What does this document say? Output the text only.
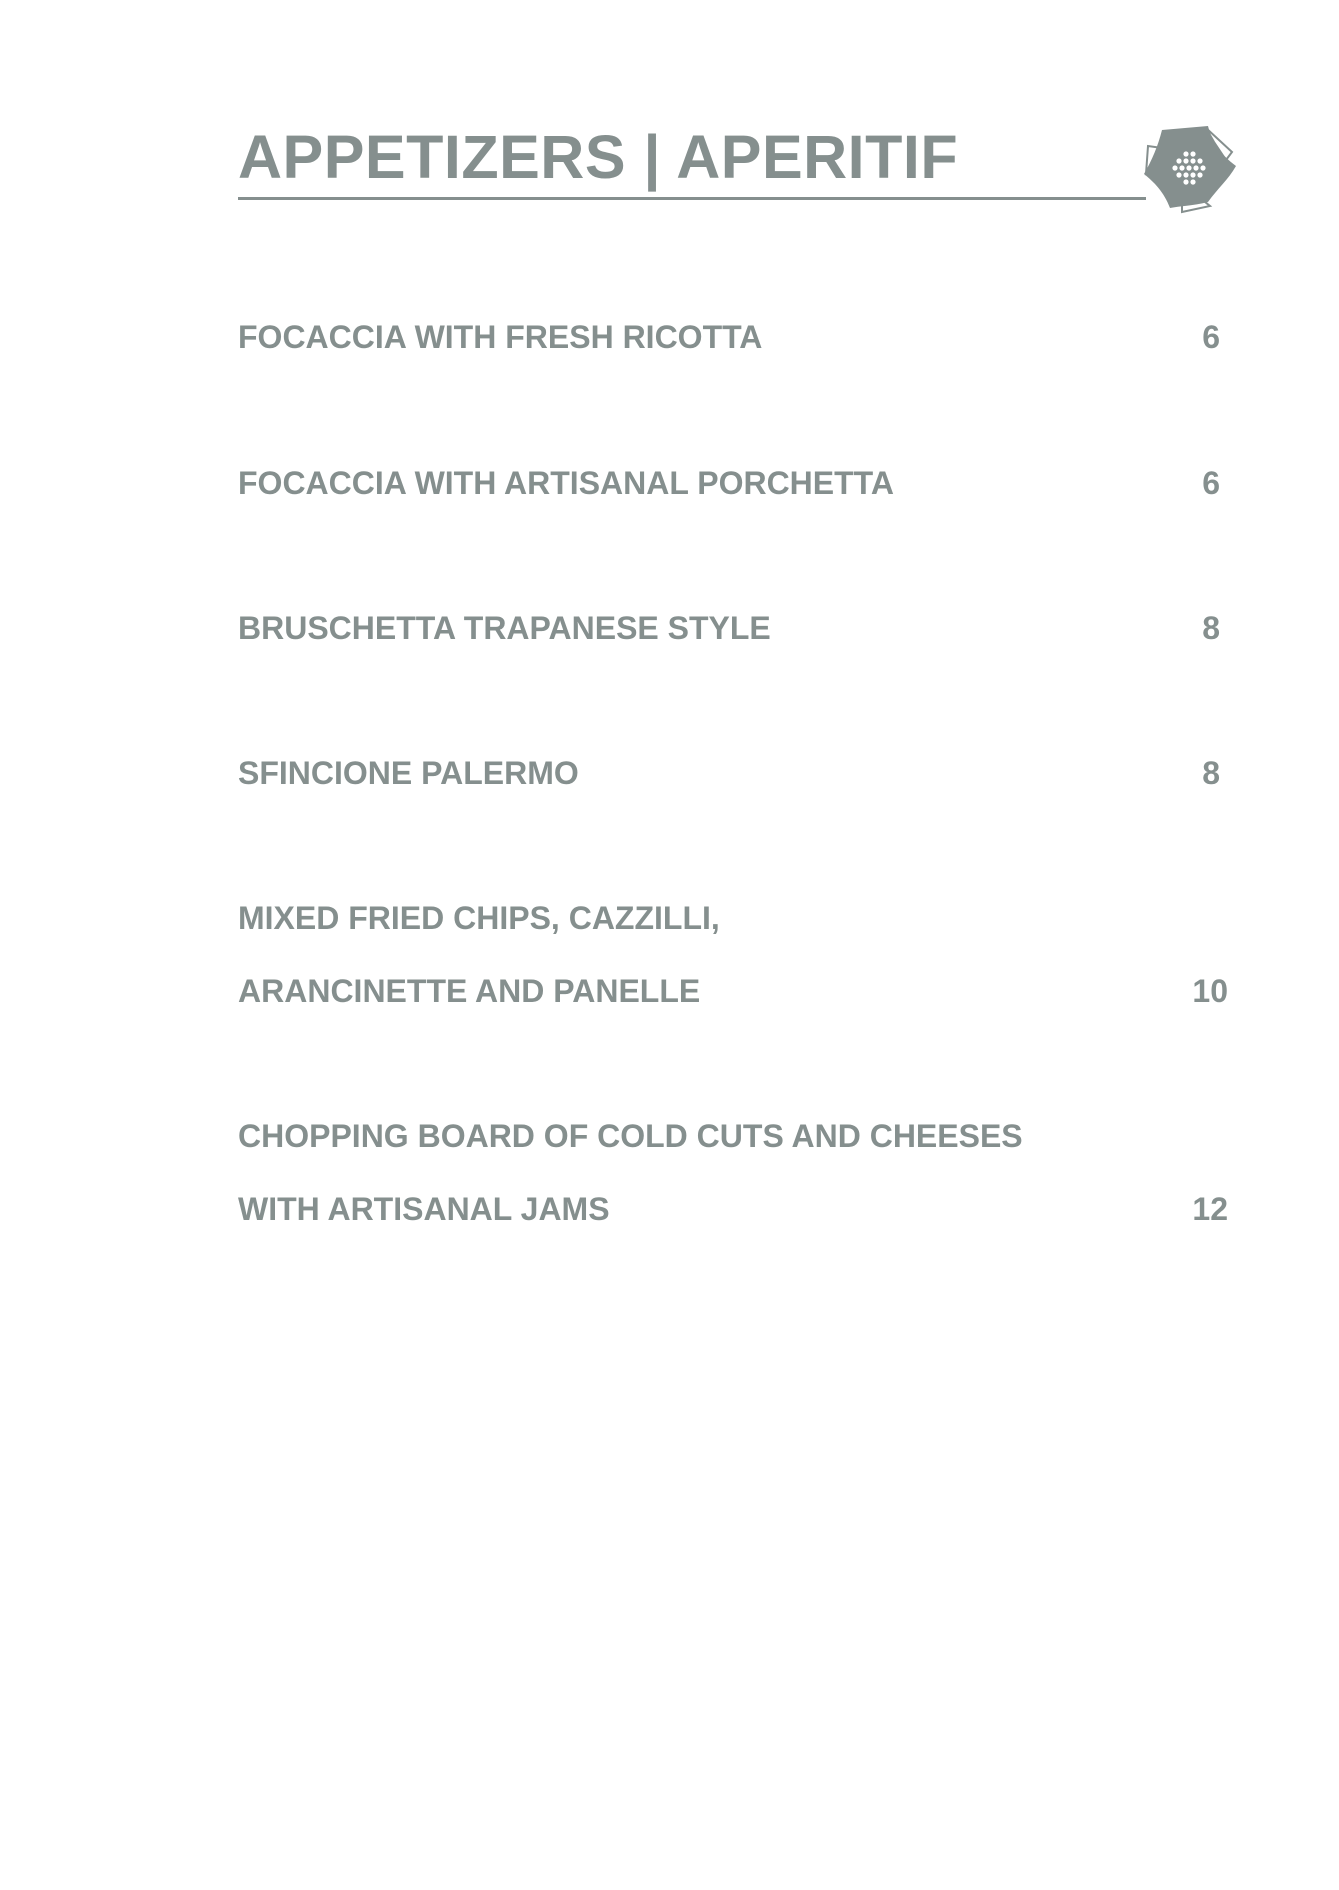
APPETIZERS | APERITIF
FOCACCIA WITH FRESH RICOTTA	6
FOCACCIA WITH ARTISANAL PORCHETTA	6
BRUSCHETTA TRAPANESE STYLE	8
SFINCIONE PALERMO	8
MIXED FRIED CHIPS, CAZZILLI,
ARANCINETTE AND PANELLE	10
CHOPPING BOARD OF COLD CUTS AND CHEESES
WITH ARTISANAL JAMS	12
